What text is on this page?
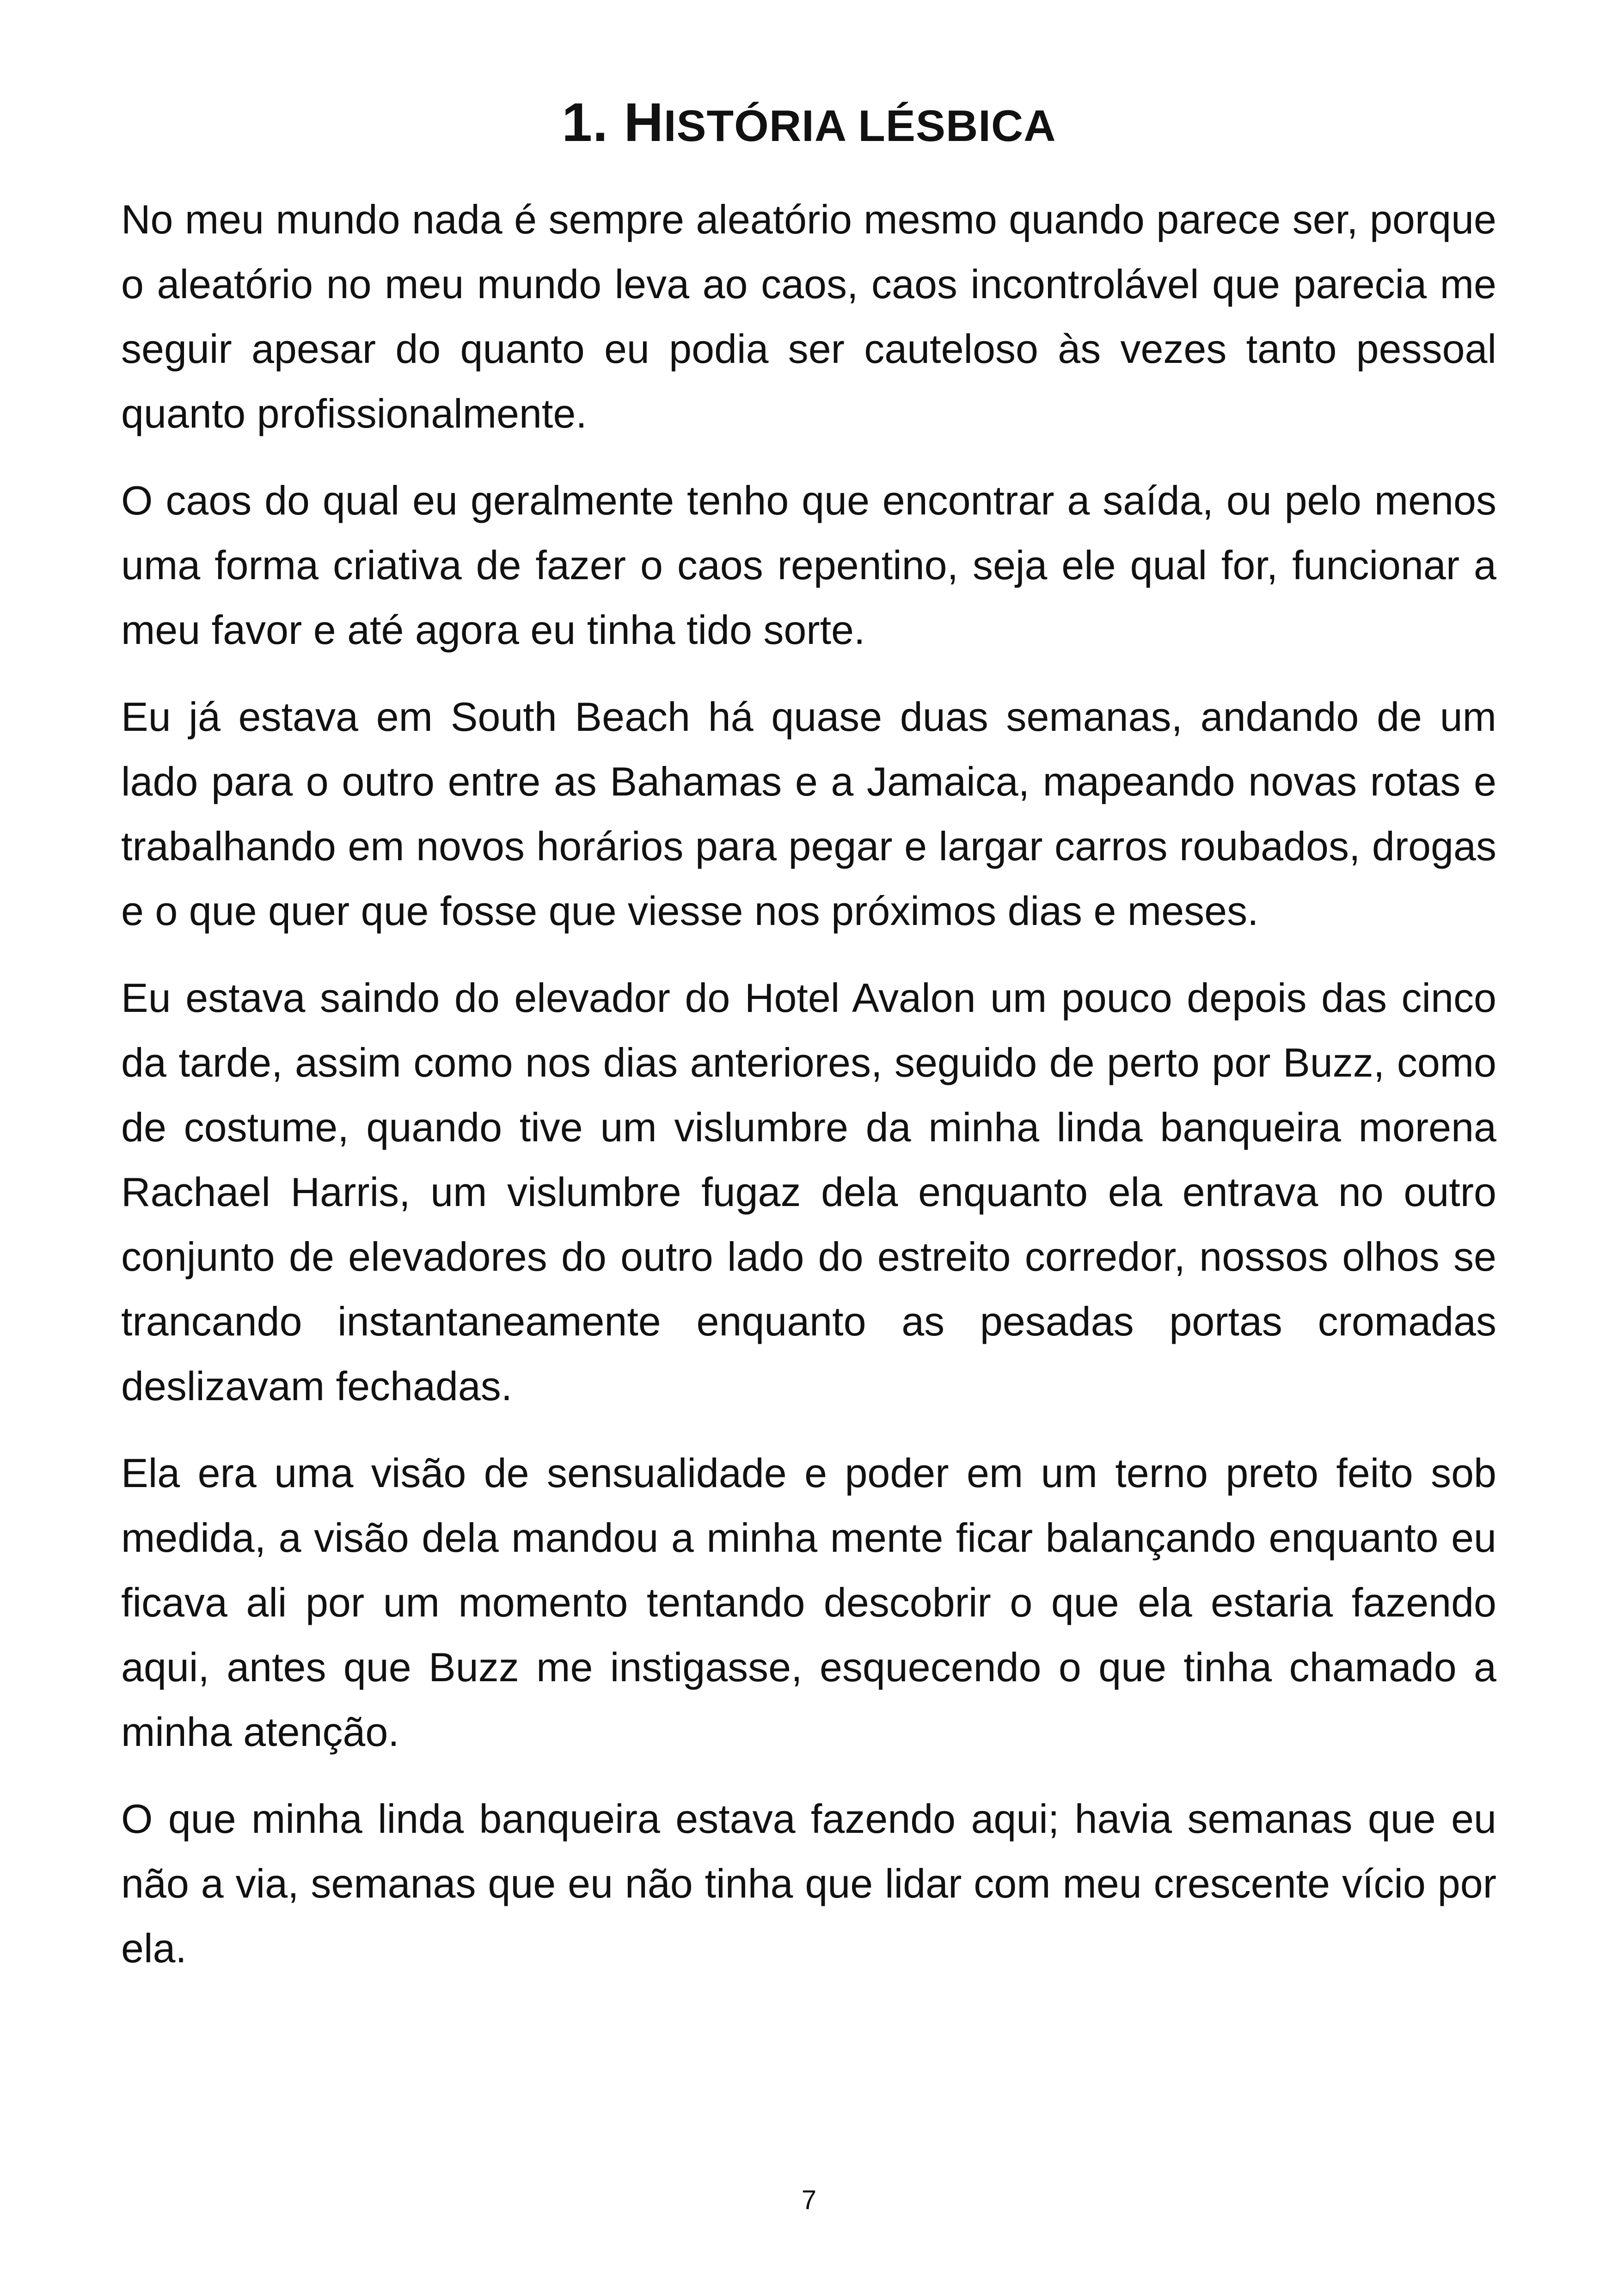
1. HISTÓRIA LÉSBICA

No meu mundo nada é sempre aleatório mesmo quando parece ser, porque o aleatório no meu mundo leva ao caos, caos incontrolável que parecia me seguir apesar do quanto eu podia ser cauteloso às vezes tanto pessoal quanto profissionalmente.

O caos do qual eu geralmente tenho que encontrar a saída, ou pelo menos uma forma criativa de fazer o caos repentino, seja ele qual for, funcionar a meu favor e até agora eu tinha tido sorte.

Eu já estava em South Beach há quase duas semanas, andando de um lado para o outro entre as Bahamas e a Jamaica, mapeando novas rotas e trabalhando em novos horários para pegar e largar carros roubados, drogas e o que quer que fosse que viesse nos próximos dias e meses.

Eu estava saindo do elevador do Hotel Avalon um pouco depois das cinco da tarde, assim como nos dias anteriores, seguido de perto por Buzz, como de costume, quando tive um vislumbre da minha linda banqueira morena Rachael Harris, um vislumbre fugaz dela enquanto ela entrava no outro conjunto de elevadores do outro lado do estreito corredor, nossos olhos se trancando instantaneamente enquanto as pesadas portas cromadas deslizavam fechadas.

Ela era uma visão de sensualidade e poder em um terno preto feito sob medida, a visão dela mandou a minha mente ficar balançando enquanto eu ficava ali por um momento tentando descobrir o que ela estaria fazendo aqui, antes que Buzz me instigasse, esquecendo o que tinha chamado a minha atenção.

O que minha linda banqueira estava fazendo aqui; havia semanas que eu não a via, semanas que eu não tinha que lidar com meu crescente vício por ela.

7
